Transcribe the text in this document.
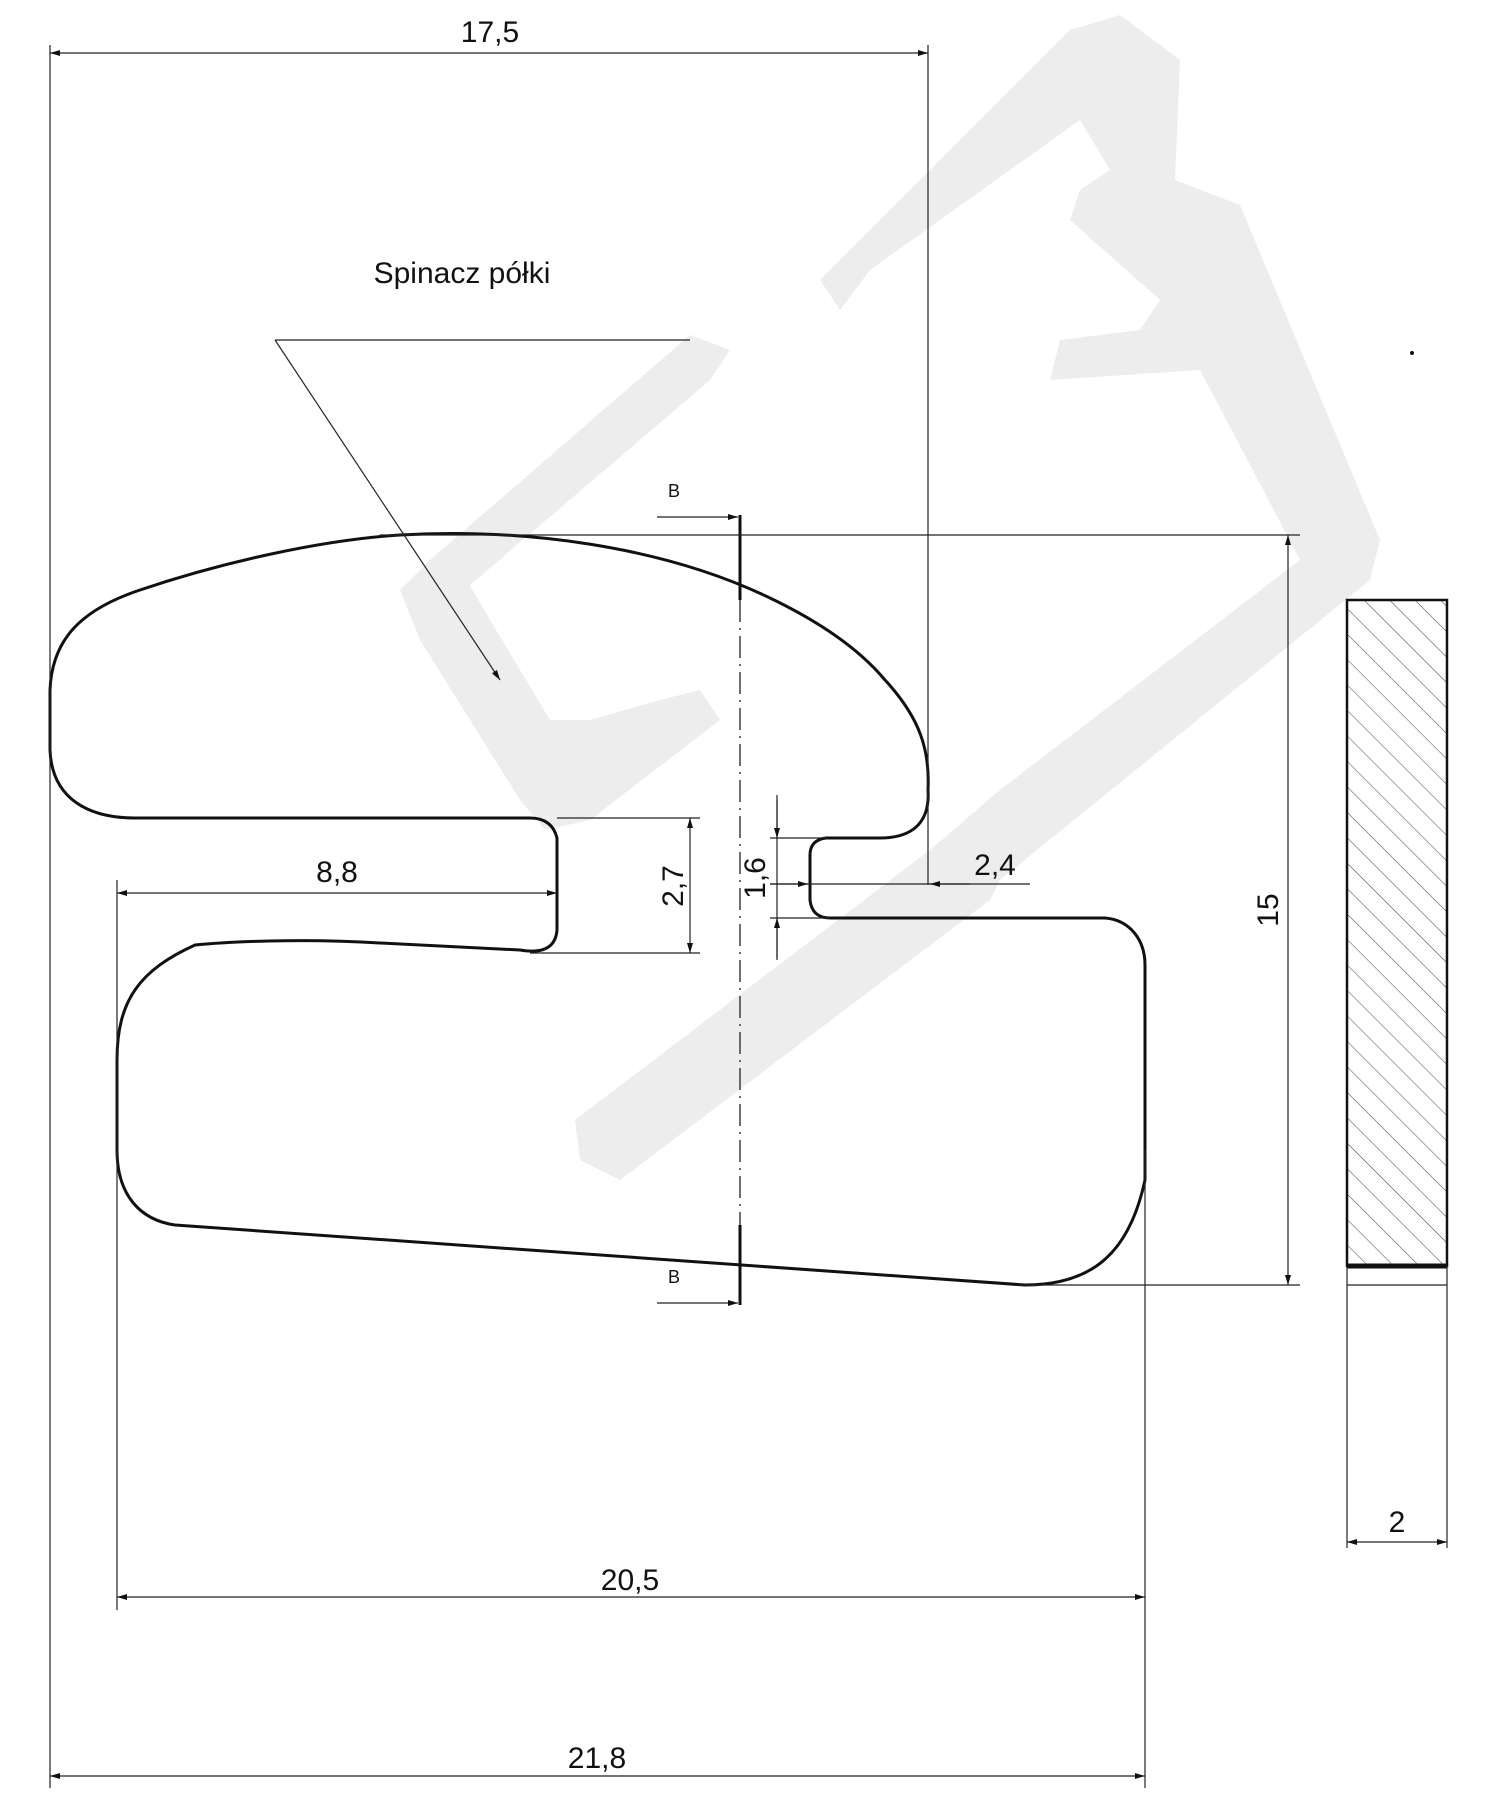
B
B
Spinacz półki
17,5
8,8	2,7 1,6	2,4
15
20,5
21,8
2
